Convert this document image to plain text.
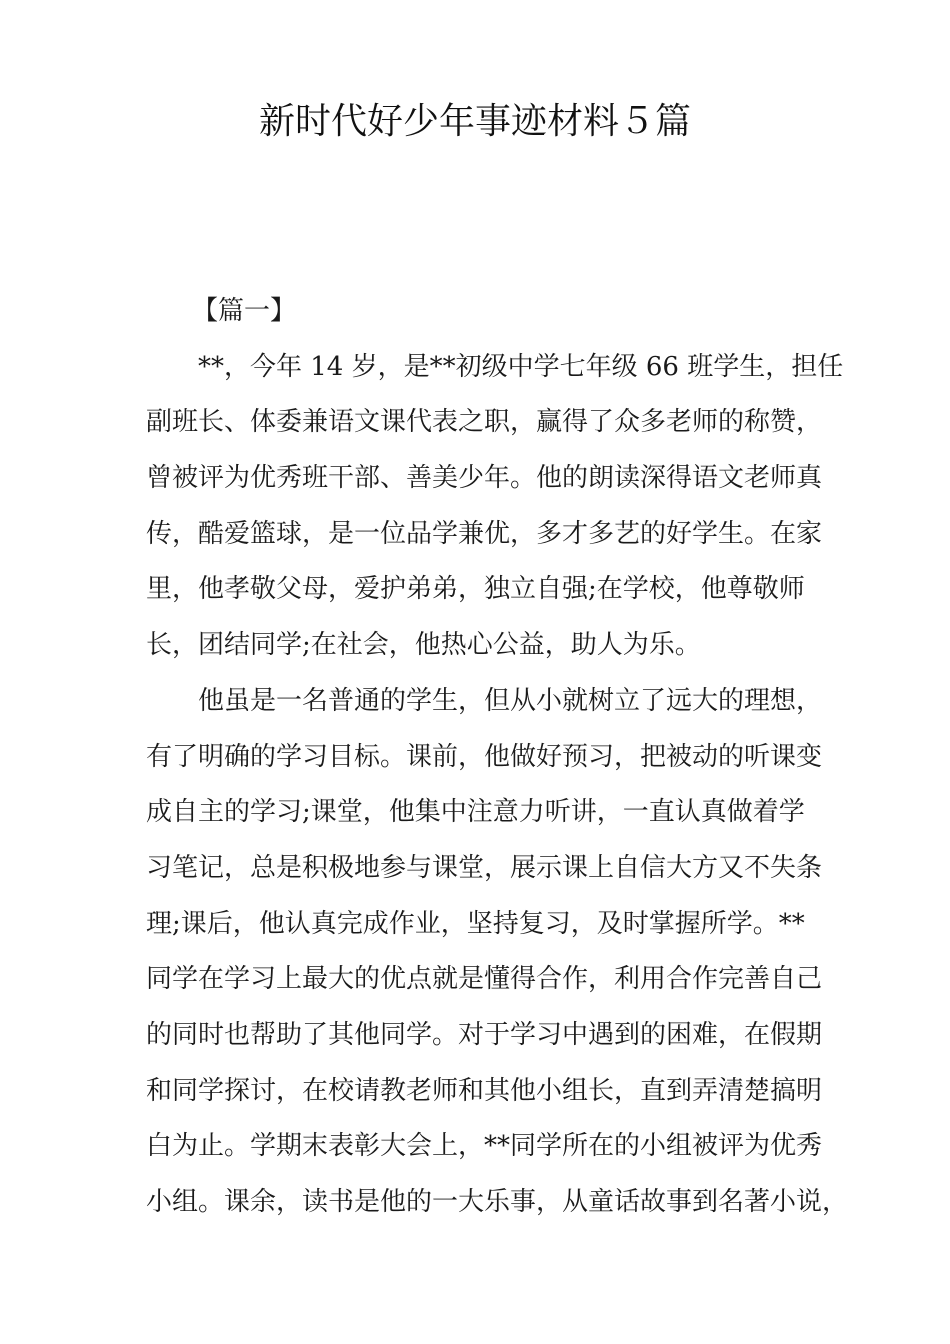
新时代好少年事迹材料５篇
【篇一】
**，今年 14 岁，是**初级中学七年级 66 班学生，担任
副班长、体委兼语文课代表之职，赢得了众多老师的称赞，
曾被评为优秀班干部、善美少年。他的朗读深得语文老师真
传，酷爱篮球，是一位品学兼优，多才多艺的好学生。在家
里，他孝敬父母，爱护弟弟，独立自强;在学校，他尊敬师
长，团结同学;在社会，他热心公益，助人为乐。
他虽是一名普通的学生，但从小就树立了远大的理想，
有了明确的学习目标。课前，他做好预习，把被动的听课变
成自主的学习;课堂，他集中注意力听讲，一直认真做着学
习笔记，总是积极地参与课堂，展示课上自信大方又不失条
理;课后，他认真完成作业，坚持复习，及时掌握所学。**
同学在学习上最大的优点就是懂得合作，利用合作完善自己
的同时也帮助了其他同学。对于学习中遇到的困难，在假期
和同学探讨，在校请教老师和其他小组长，直到弄清楚搞明
白为止。学期末表彰大会上，**同学所在的小组被评为优秀
小组。课余，读书是他的一大乐事，从童话故事到名著小说，
